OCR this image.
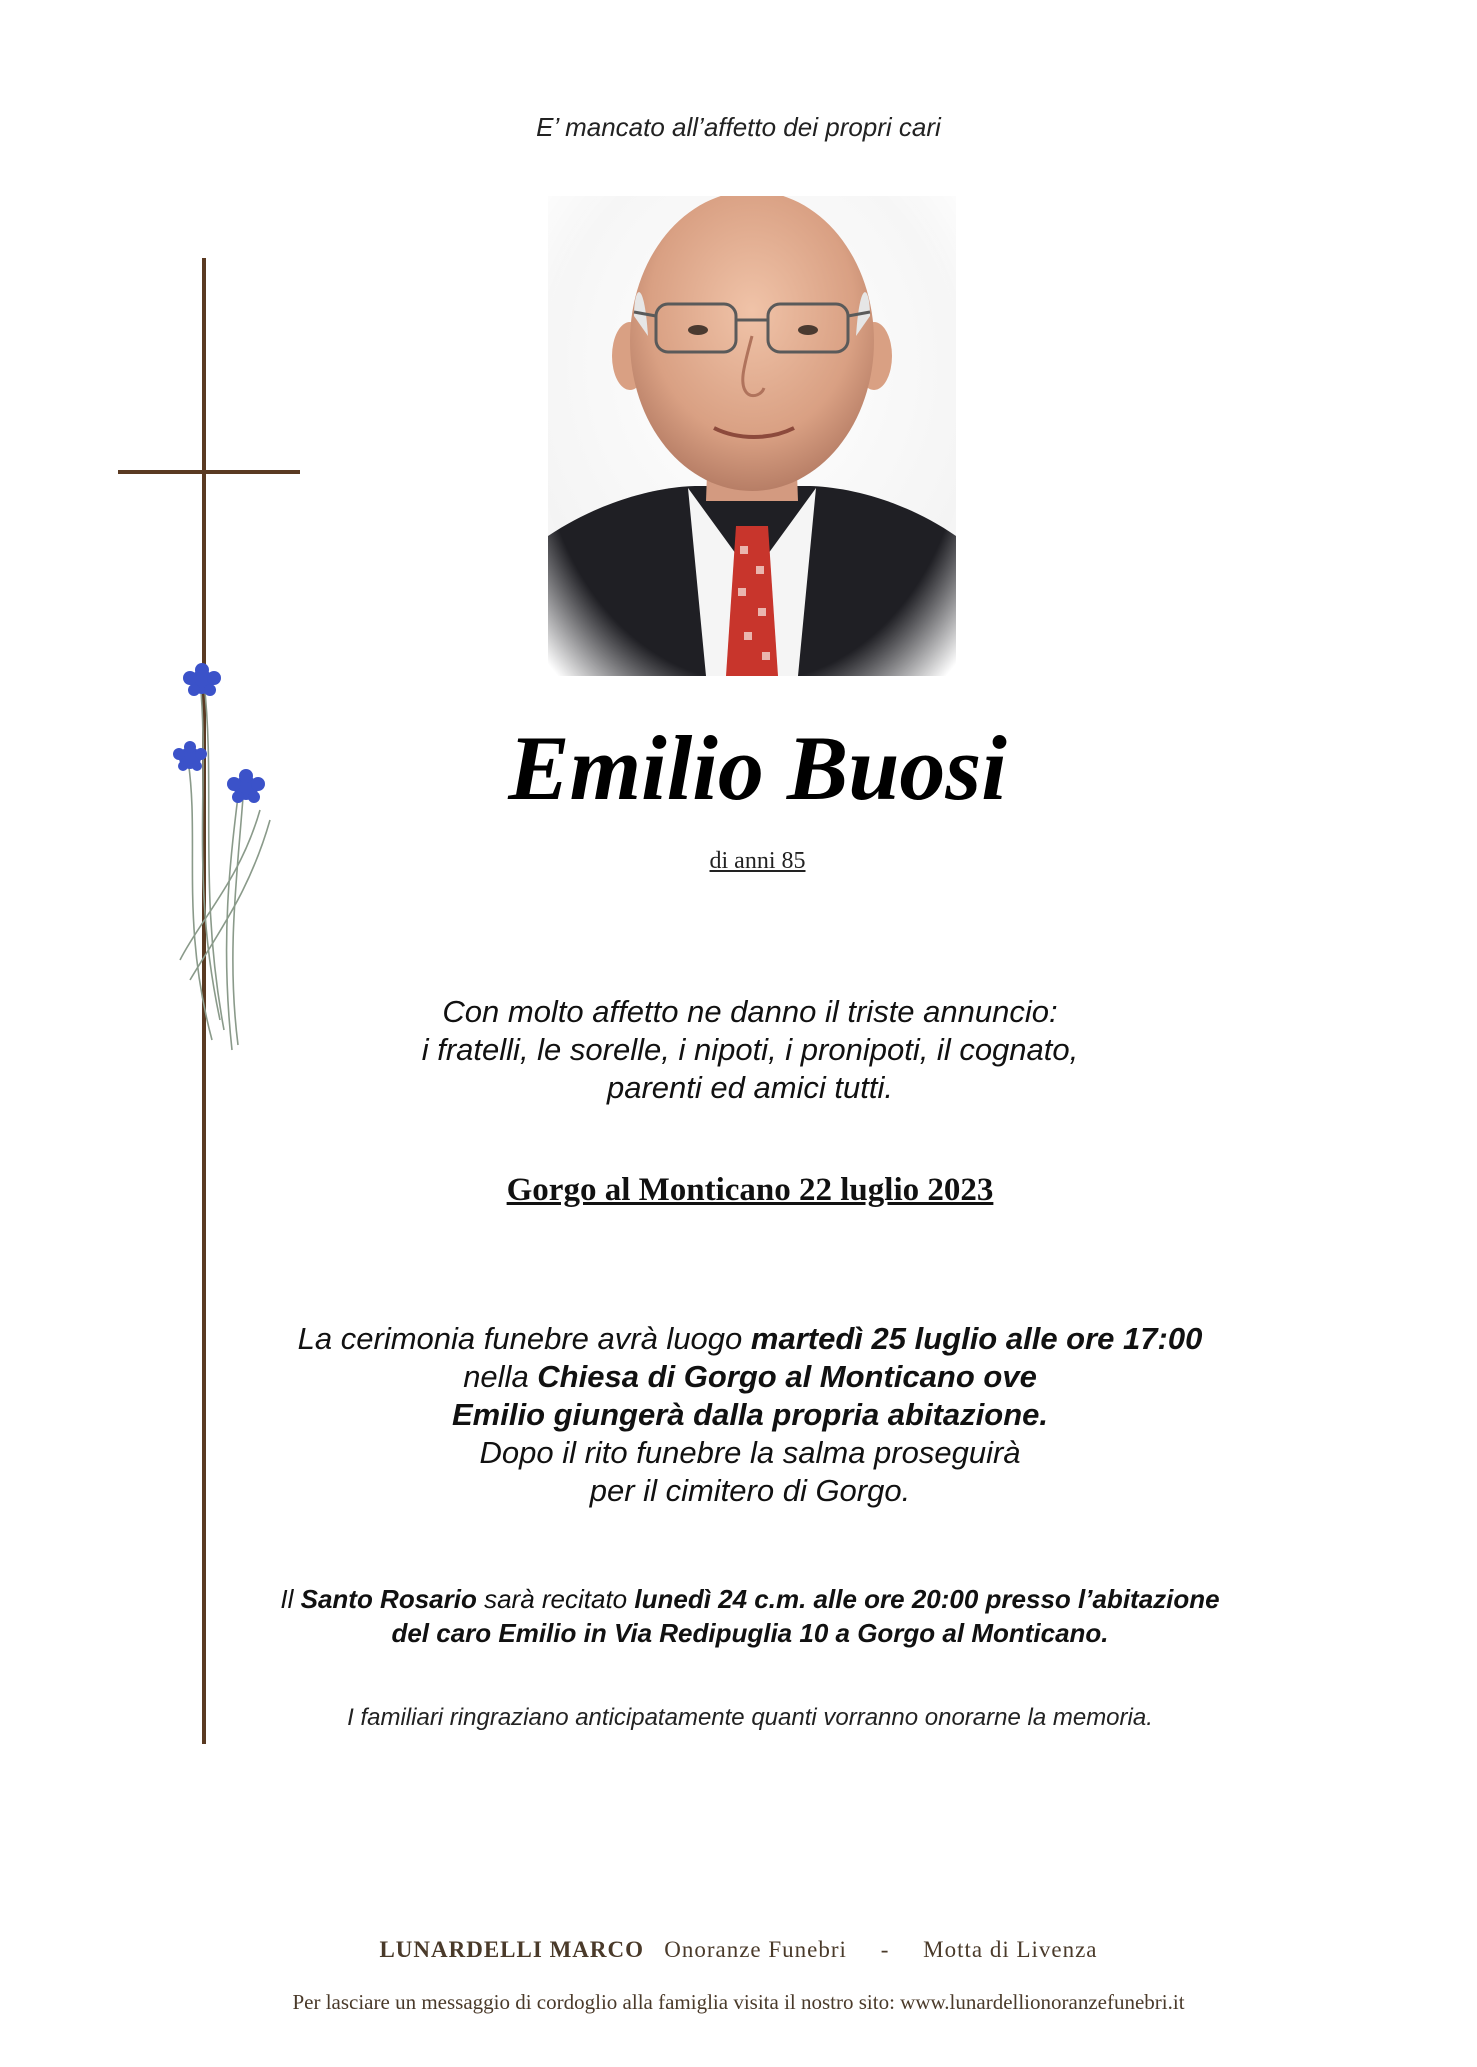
E’ mancato all’affetto dei propri cari
Emilio Buosi
di anni 85
Con molto affetto ne danno il triste annuncio:
i fratelli, le sorelle, i nipoti, i pronipoti, il cognato,
parenti ed amici tutti.
Gorgo al Monticano 22 luglio 2023
La cerimonia funebre avrà luogo martedì 25 luglio alle ore 17:00
nella Chiesa di Gorgo al Monticano ove
Emilio giungerà dalla propria abitazione.
Dopo il rito funebre la salma proseguirà
per il cimitero di Gorgo.
Il Santo Rosario sarà recitato lunedì 24 c.m. alle ore 20:00 presso l’abitazione
del caro Emilio in Via Redipuglia 10 a Gorgo al Monticano.
I familiari ringraziano anticipatamente quanti vorranno onorarne la memoria.
LUNARDELLI MARCO Onoranze Funebri - Motta di Livenza
Per lasciare un messaggio di cordoglio alla famiglia visita il nostro sito: www.lunardellionoranzefunebri.it
